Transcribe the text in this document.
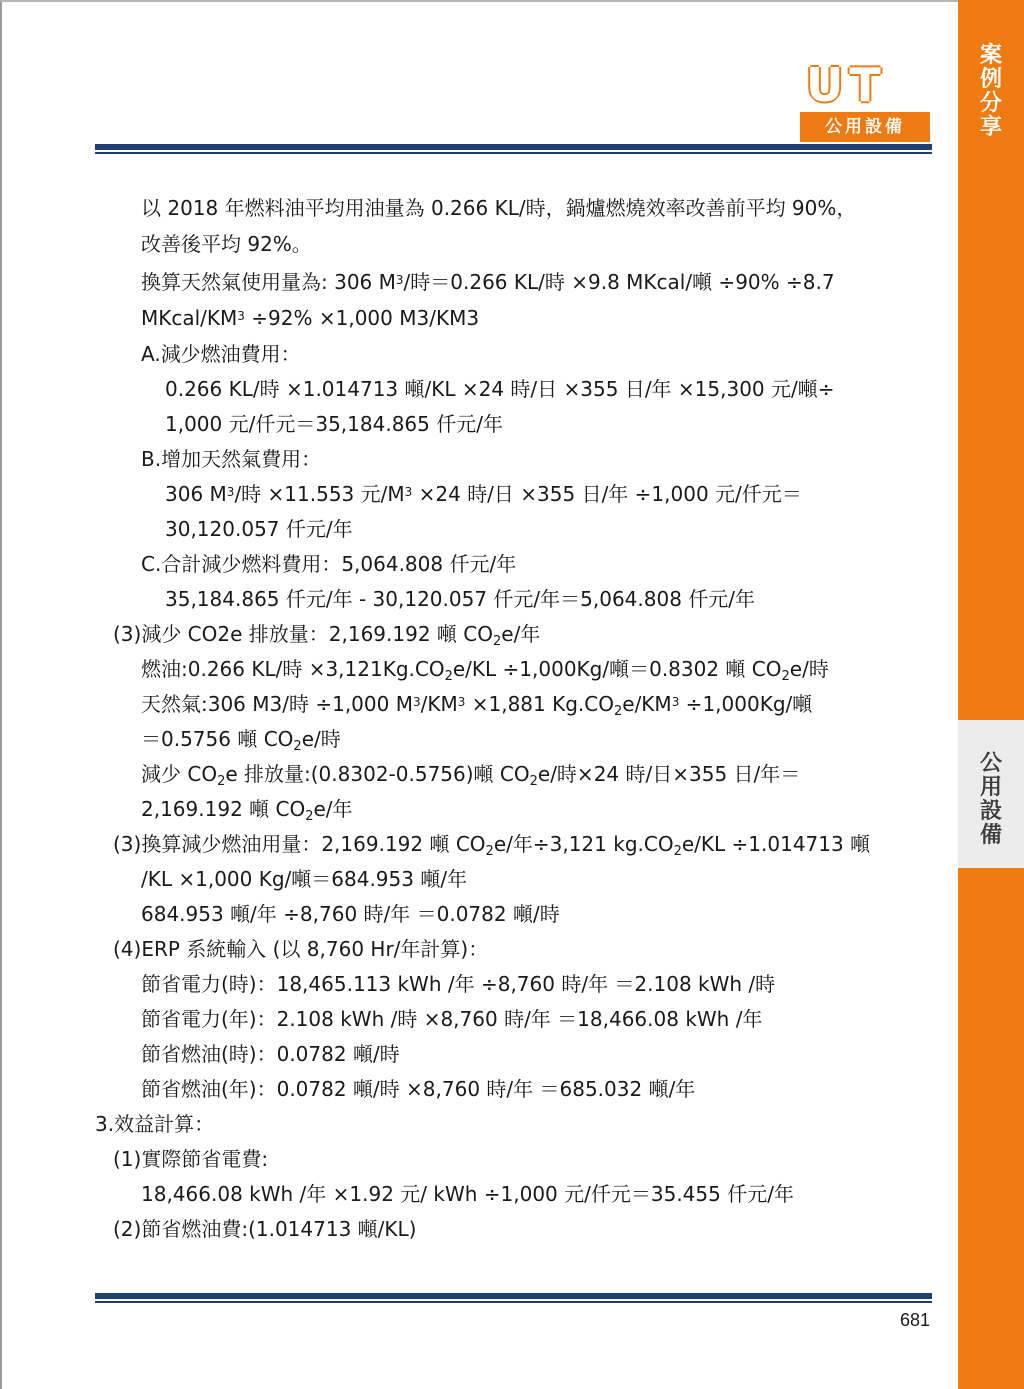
案
例
分
享
公
用
設
備
UT
公用設備
以 2018 年燃料油平均用油量為 0.266 KL/時，鍋爐燃燒效率改善前平均 90%，
改善後平均 92%。
換算天然氣使用量為: 306 $M^3/$時＝0.266 KL/時 ×9.8 MKcal/噸 ÷90% ÷8.7
MKcal/$KM^3 \div 92\% \times 1,000$ M3/KM3
A.減少燃油費用：
0.266 KL/時 ×1.014713 噸/KL ×24 時/日 ×355 日/年 ×15,300 元/噸÷
1,000 元/仟元＝35,184.865 仟元/年
B.增加天然氣費用：
306 $M^3/$時 ×11.553 元$/M^3 \times 24$ 時/日 ×355 日/年 ÷1,000 元/仟元＝
30,120.057 仟元/年
C.合計減少燃料費用：5,064.808 仟元/年
35,184.865 仟元/年 - 30,120.057 仟元/年＝5,064.808 仟元/年
(3)減少 CO2e 排放量：2,169.192 噸 $CO_2e/$年
燃油:0.266 KL/時 $\times 3,121Kg.CO_2e/KL \div 1,000Kg/$噸＝0.8302 噸 $CO_2e/$時
天然氣:306 M3/時 ÷1,000 $M^3/KM^3 \times 1,881$ $Kg.CO_2e/KM^3 \div 1,000Kg/$噸
＝0.5756 噸 $CO_2e/$時
減少 $CO_2e$ 排放量:(0.8302-0.5756)噸 $CO_2e/$時×24 時/日×355 日/年＝
2,169.192 噸 $CO_2e/$年
(3)換算減少燃油用量：2,169.192 噸 $CO_2e/$年÷3,121 $kg.CO_2e/KL \div 1.014713$ 噸
/KL ×1,000 Kg/噸＝684.953 噸/年
684.953 噸/年 ÷8,760 時/年 ＝0.0782 噸/時
(4)ERP 系統輸入 (以 8,760 Hr/年計算)：
節省電力(時)：18,465.113 kWh /年 ÷8,760 時/年 ＝2.108 kWh /時
節省電力(年)：2.108 kWh /時 ×8,760 時/年 ＝18,466.08 kWh /年
節省燃油(時)：0.0782 噸/時
節省燃油(年)：0.0782 噸/時 ×8,760 時/年 ＝685.032 噸/年
3.效益計算：
(1)實際節省電費:
18,466.08 kWh /年 ×1.92 元/ kWh ÷1,000 元/仟元＝35.455 仟元/年
(2)節省燃油費:(1.014713 噸/KL)
681
